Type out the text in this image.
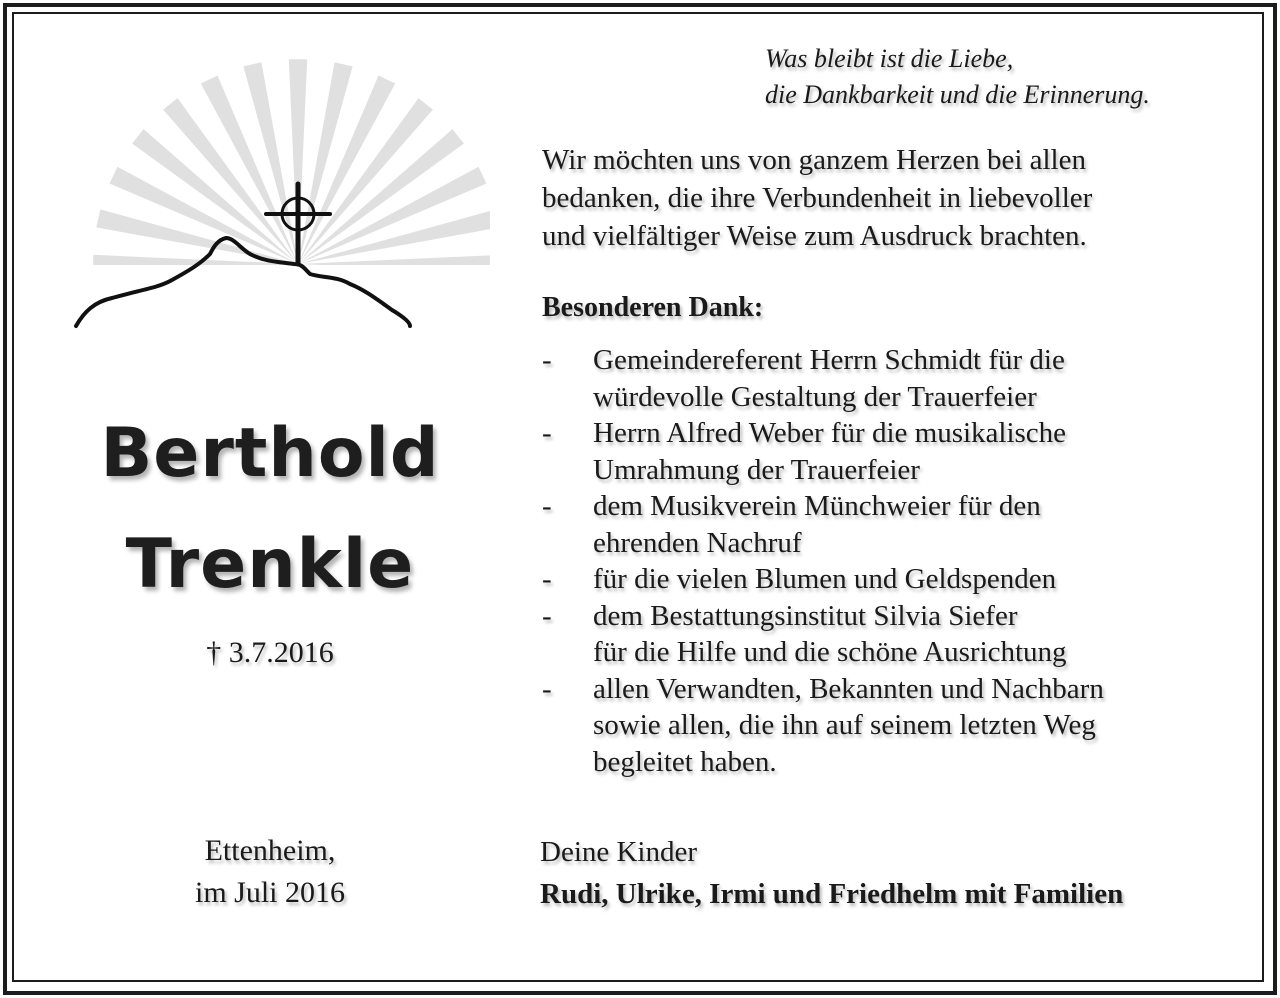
Berthold
Trenkle
† 3.7.2016
Ettenheim,
im Juli 2016
Was bleibt ist die Liebe,
die Dankbarkeit und die Erinnerung.
Wir möchten uns von ganzem Herzen bei allen
bedanken, die ihre Verbundenheit in liebevoller
und vielfältiger Weise zum Ausdruck brachten.
Besonderen Dank:
- Gemeindereferent Herrn Schmidt für die
würdevolle Gestaltung der Trauerfeier
- Herrn Alfred Weber für die musikalische
Umrahmung der Trauerfeier
- dem Musikverein Münchweier für den
ehrenden Nachruf
- für die vielen Blumen und Geldspenden
- dem Bestattungsinstitut Silvia Siefer
für die Hilfe und die schöne Ausrichtung
- allen Verwandten, Bekannten und Nachbarn
sowie allen, die ihn auf seinem letzten Weg
begleitet haben.
Deine Kinder
Rudi, Ulrike, Irmi und Friedhelm mit Familien
